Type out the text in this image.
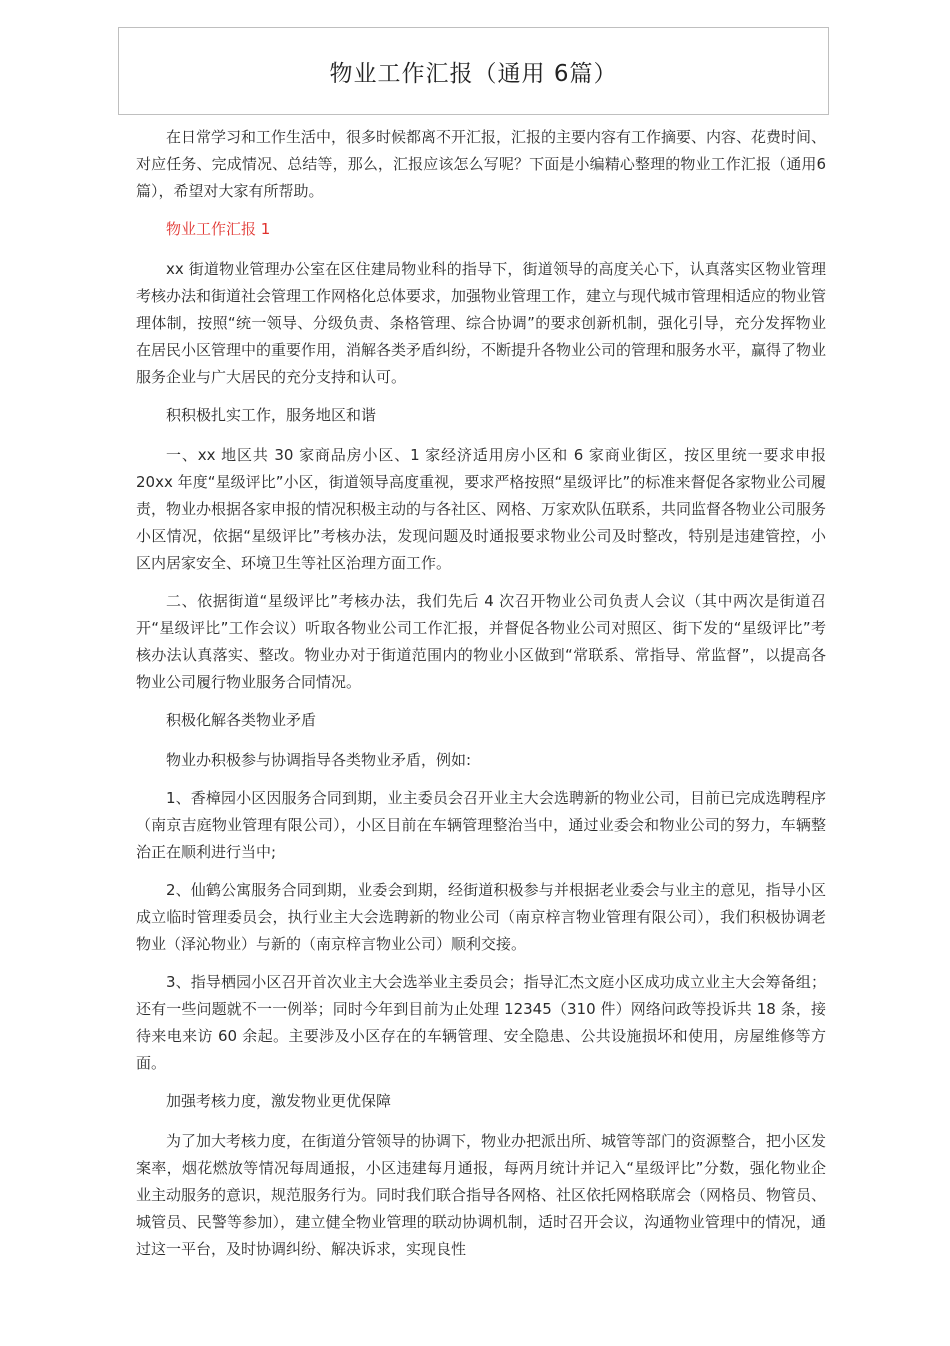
物业工作汇报（通用 6篇）

在日常学习和工作生活中，很多时候都离不开汇报，汇报的主要内容有工作摘要、内容、花费时间、对应任务、完成情况、总结等，那么，汇报应该怎么写呢？下面是小编精心整理的物业工作汇报（通用6 篇），希望对大家有所帮助。

物业工作汇报 1

xx 街道物业管理办公室在区住建局物业科的指导下，街道领导的高度关心下，认真落实区物业管理考核办法和街道社会管理工作网格化总体要求，加强物业管理工作，建立与现代城市管理相适应的物业管理体制，按照“统一领导、分级负责、条格管理、综合协调”的要求创新机制，强化引导，充分发挥物业在居民小区管理中的重要作用，消解各类矛盾纠纷，不断提升各物业公司的管理和服务水平，赢得了物业服务企业与广大居民的充分支持和认可。

积积极扎实工作，服务地区和谐

一、xx 地区共 30 家商品房小区、1 家经济适用房小区和 6 家商业街区，按区里统一要求申报 20xx 年度“星级评比”小区，街道领导高度重视，要求严格按照“星级评比”的标准来督促各家物业公司履责，物业办根据各家申报的情况积极主动的与各社区、网格、万家欢队伍联系，共同监督各物业公司服务小区情况，依据“星级评比”考核办法，发现问题及时通报要求物业公司及时整改，特别是违建管控，小区内居家安全、环境卫生等社区治理方面工作。

二、依据街道“星级评比”考核办法，我们先后 4 次召开物业公司负责人会议（其中两次是街道召开“星级评比”工作会议）听取各物业公司工作汇报，并督促各物业公司对照区、街下发的“星级评比”考核办法认真落实、整改。物业办对于街道范围内的物业小区做到“常联系、常指导、常监督”，以提高各物业公司履行物业服务合同情况。

积极化解各类物业矛盾

物业办积极参与协调指导各类物业矛盾，例如:

1、香樟园小区因服务合同到期，业主委员会召开业主大会选聘新的物业公司，目前已完成选聘程序（南京吉庭物业管理有限公司），小区目前在车辆管理整治当中，通过业委会和物业公司的努力，车辆整治正在顺利进行当中;

2、仙鹤公寓服务合同到期，业委会到期，经街道积极参与并根据老业委会与业主的意见，指导小区成立临时管理委员会，执行业主大会选聘新的物业公司（南京梓言物业管理有限公司），我们积极协调老物业（泽沁物业）与新的（南京梓言物业公司）顺利交接。

3、指导栖园小区召开首次业主大会选举业主委员会；指导汇杰文庭小区成功成立业主大会筹备组；还有一些问题就不一一例举；同时今年到目前为止处理 12345（310 件）网络问政等投诉共 18 条，接待来电来访 60 余起。主要涉及小区存在的车辆管理、安全隐患、公共设施损坏和使用，房屋维修等方面。

加强考核力度，激发物业更优保障

为了加大考核力度，在街道分管领导的协调下，物业办把派出所、城管等部门的资源整合，把小区发案率，烟花燃放等情况每周通报，小区违建每月通报，每两月统计并记入“星级评比”分数，强化物业企业主动服务的意识，规范服务行为。同时我们联合指导各网格、社区依托网格联席会（网格员、物管员、城管员、民警等参加），建立健全物业管理的联动协调机制，适时召开会议，沟通物业管理中的情况，通过这一平台，及时协调纠纷、解决诉求，实现良性
